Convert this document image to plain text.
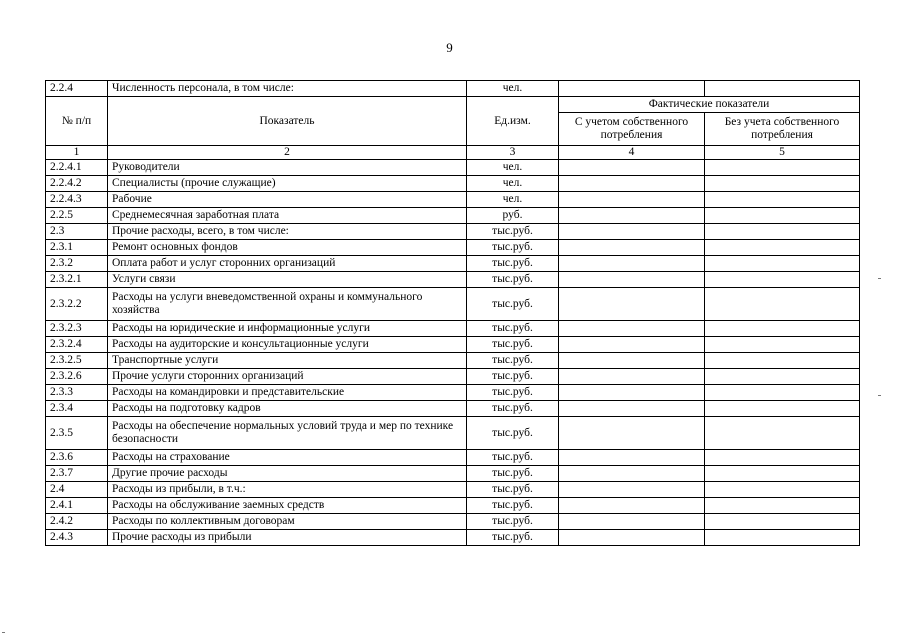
9
2.2.4	Численность персонала, в том числе:	чел.		
№ п/п	Показатель	Ед.изм.	Фактические показатели	
			С учетом собственного потребления	Без учета собственного потребления
1	2	3	4	5
2.2.4.1	Руководители	чел.		
2.2.4.2	Специалисты (прочие служащие)	чел.		
2.2.4.3	Рабочие	чел.		
2.2.5	Среднемесячная заработная плата	руб.		
2.3	Прочие расходы, всего, в том числе:	тыс.руб.		
2.3.1	Ремонт основных фондов	тыс.руб.		
2.3.2	Оплата работ и услуг сторонних организаций	тыс.руб.		
2.3.2.1	Услуги связи	тыс.руб.		
2.3.2.2	Расходы на услуги вневедомственной охраны и коммунального хозяйства	тыс.руб.		
2.3.2.3	Расходы на юридические и информационные услуги	тыс.руб.		
2.3.2.4	Расходы на аудиторские и консультационные услуги	тыс.руб.		
2.3.2.5	Транспортные услуги	тыс.руб.		
2.3.2.6	Прочие услуги сторонних организаций	тыс.руб.		
2.3.3	Расходы на командировки и представительские	тыс.руб.		
2.3.4	Расходы на подготовку кадров	тыс.руб.		
2.3.5	Расходы на обеспечение нормальных условий труда и мер по технике безопасности	тыс.руб.		
2.3.6	Расходы на страхование	тыс.руб.		
2.3.7	Другие прочие расходы	тыс.руб.		
2.4	Расходы из прибыли, в т.ч.:	тыс.руб.		
2.4.1	Расходы на обслуживание заемных средств	тыс.руб.		
2.4.2	Расходы по коллективным договорам	тыс.руб.		
2.4.3	Прочие расходы из прибыли	тыс.руб.		
